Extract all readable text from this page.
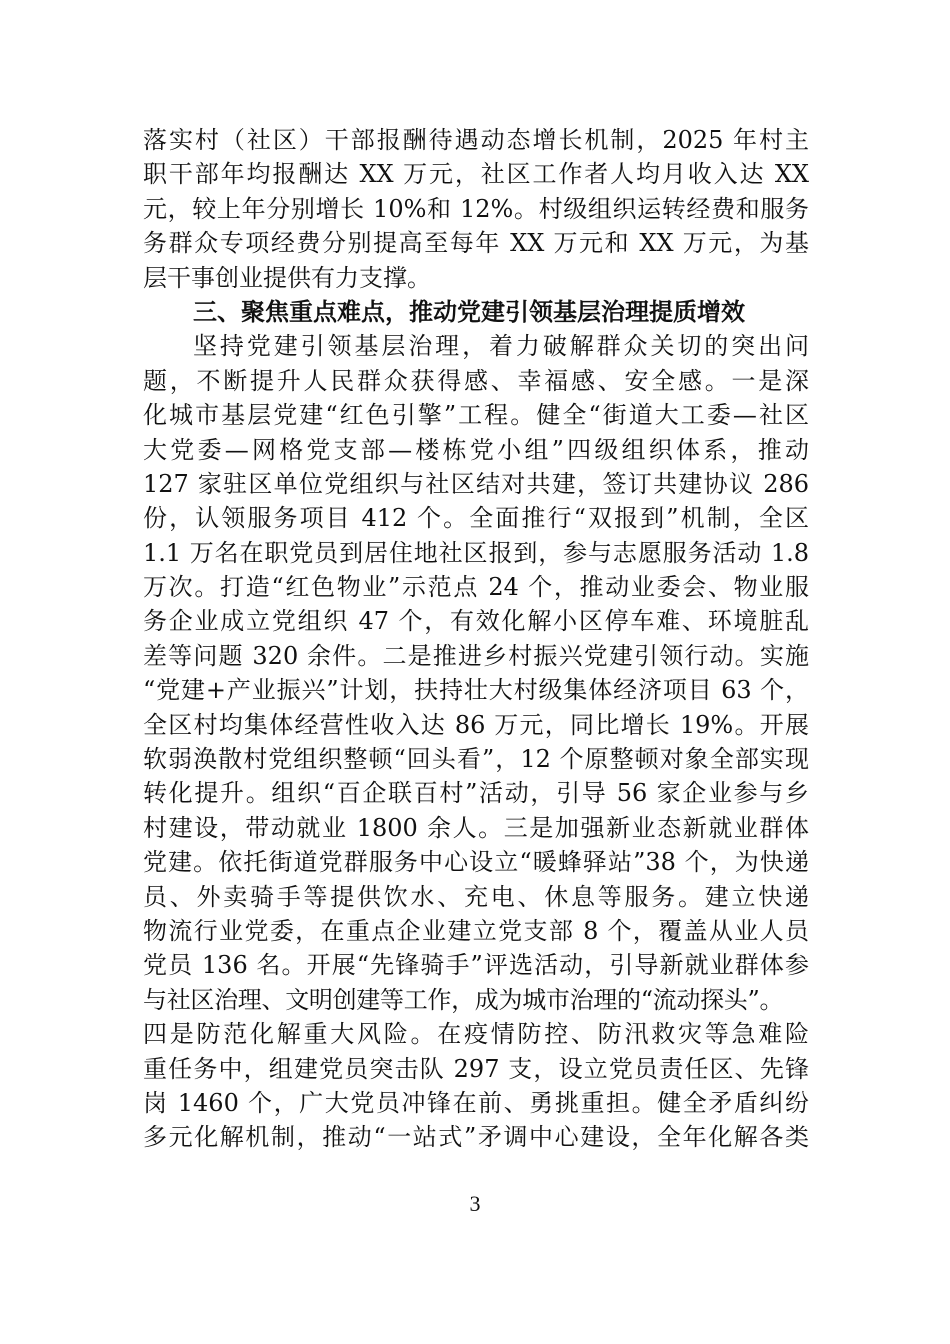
落实村（社区）干部报酬待遇动态增长机制，2025 年村主
职干部年均报酬达 XX 万元，社区工作者人均月收入达 XX
元，较上年分别增长 10%和 12%。村级组织运转经费和服务
务群众专项经费分别提高至每年 XX 万元和 XX 万元，为基
层干事创业提供有力支撑。
三、聚焦重点难点，推动党建引领基层治理提质增效
坚持党建引领基层治理，着力破解群众关切的突出问
题，不断提升人民群众获得感、幸福感、安全感。一是深
化城市基层党建“红色引擎”工程。健全“街道大工委—社区
大党委—网格党支部—楼栋党小组”四级组织体系，推动
127 家驻区单位党组织与社区结对共建，签订共建协议 286
份，认领服务项目 412 个。全面推行“双报到”机制，全区
1.1 万名在职党员到居住地社区报到，参与志愿服务活动 1.8
万次。打造“红色物业”示范点 24 个，推动业委会、物业服
务企业成立党组织 47 个，有效化解小区停车难、环境脏乱
差等问题 320 余件。二是推进乡村振兴党建引领行动。实施
“党建+产业振兴”计划，扶持壮大村级集体经济项目 63 个，
全区村均集体经营性收入达 86 万元，同比增长 19%。开展
软弱涣散村党组织整顿“回头看”，12 个原整顿对象全部实现
转化提升。组织“百企联百村”活动，引导 56 家企业参与乡
村建设，带动就业 1800 余人。三是加强新业态新就业群体
党建。依托街道党群服务中心设立“暖蜂驿站”38 个，为快递
员、外卖骑手等提供饮水、充电、休息等服务。建立快递
物流行业党委，在重点企业建立党支部 8 个，覆盖从业人员
党员 136 名。开展“先锋骑手”评选活动，引导新就业群体参
与社区治理、文明创建等工作，成为城市治理的“流动探头”。
四是防范化解重大风险。在疫情防控、防汛救灾等急难险
重任务中，组建党员突击队 297 支，设立党员责任区、先锋
岗 1460 个，广大党员冲锋在前、勇挑重担。健全矛盾纠纷
多元化解机制，推动“一站式”矛调中心建设，全年化解各类
3
